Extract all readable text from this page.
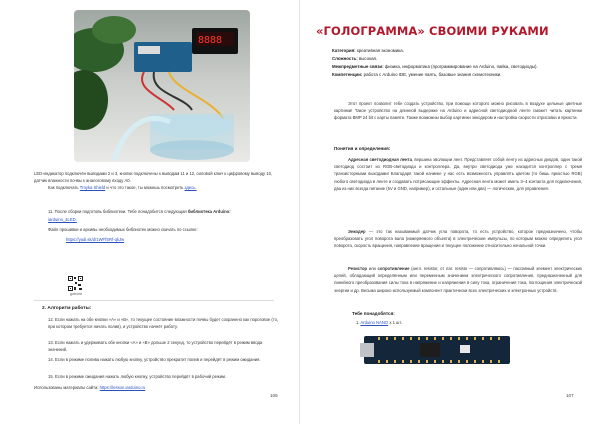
8888
LED-индикатор подключён выводами 2 и 3, кнопки подключены к выводам 11 и 12, силовой ключ к цифровому выводу 10, датчик влажности почвы к аналоговому входу A0.
Как подключать Troyka Shield и что это такое, ты можешь посмотреть здесь.
11. После сборки подготовь библиотеки. Тебе понадобится следующая библиотека Arduino:
iarduino_4LED.
Файл прошивки и архивы необходимых библиотек можно скачать по ссылке:
https://yadi.sk/d/1WFfSRf-qkJw
goto.me
2. Алгоритм работы:
12. Если нажать на обе кнопки «А» и «В», то текущее состояние влажности почвы будет сохранено как пороговое (то, при котором требуется начать полив), и устройство начнёт работу.
13. Если нажать и удерживать обе кнопки «А» и «В» дольше 2 секунд, то устройство перейдёт в режим ввода значений.
14. Если в режиме полива нажать любую кнопку, устройство прекратит полив и перейдёт в режим ожидания.
15. Если в режиме ожидания нажать любую кнопку, устройство перейдёт в рабочий режим.
Использованы материалы сайта: https://lesson.iarduino.ru
106
«ГОЛОГРАММА» СВОИМИ РУКАМИ
Категория: креативная экономика.
Сложность: высокая.
Межпредметные связи: физика, информатика (программирование на Arduino, пайка, светодиоды).
Компетенции: работа с Arduino IDE, умение паять, базовые знания схемотехники.
Этот проект позволит тебе создать устройство, при помощи которого можно рисовать в воздухе цельные цветные картинки! Такое устройство на длинной выдержке на Arduino и адресной светодиодной ленте сможет читать картинки формата BMP 24 bit с карты памяти. Также возможны выбор картинки энкодером и настройка скорости отрисовки и яркости.
Понятия и определения:
Адресная светодиодная лента, вершина эволюции лент. Представляет собой ленту из адресных диодов, один такой светодиод состоит из RGB-светодиода и контроллера. Да, внутри светодиода уже находится контроллер с тремя транзисторными выходами! Благодаря такой начинке у нас есть возможность управлять цветом (то бишь яркостью RGB) любого светодиода в ленте и создавать потрясающие эффекты. Адресная лента может иметь 3–4 контакта для подключения, два из них всегда питание (5V и GND, например), и остальные (один или два) — логические, для управления.
Энкодер — это так называемый датчик угла поворота, то есть устройство, которое предназначено, чтобы преобразовать угол поворота вала (измеряемого объекта) в электрические импульсы, по которым можно определить угол поворота, скорость вращения, направление вращения и текущее положение относительно начальной точки.
Резистор или сопротивление (англ. resistor, от лат. resisto — сопротивляюсь) — пассивный элемент электрических цепей, обладающий определённым или переменным значением электрического сопротивления, предназначенный для линейного преобразования силы тока в напряжение и напряжения в силу тока, ограничения тока, поглощения электрической энергии и др. Весьма широко используемый компонент практически всех электрических и электронных устройств.
Тебе понадобятся:
1. Arduino NANO x 1 шт.
107
